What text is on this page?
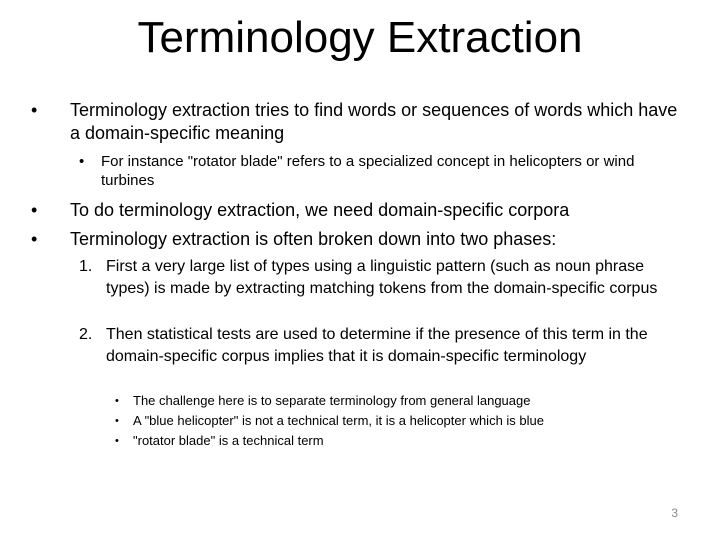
Terminology Extraction
•	Terminology extraction tries to find words or sequences of words which have a domain-specific meaning
•	For instance "rotator blade" refers to a specialized concept in helicopters or wind turbines
•	To do terminology extraction, we need domain-specific corpora
•	Terminology extraction is often broken down into two phases:
1. First a very large list of types using a linguistic pattern (such as noun phrase types) is made by extracting matching tokens from the domain-specific corpus
2. Then statistical tests are used to determine if the presence of this term in the domain-specific corpus implies that it is domain-specific terminology
•	The challenge here is to separate terminology from general language
•	A "blue helicopter" is not a technical term, it is a helicopter which is blue
•	"rotator blade" is a technical term
3
